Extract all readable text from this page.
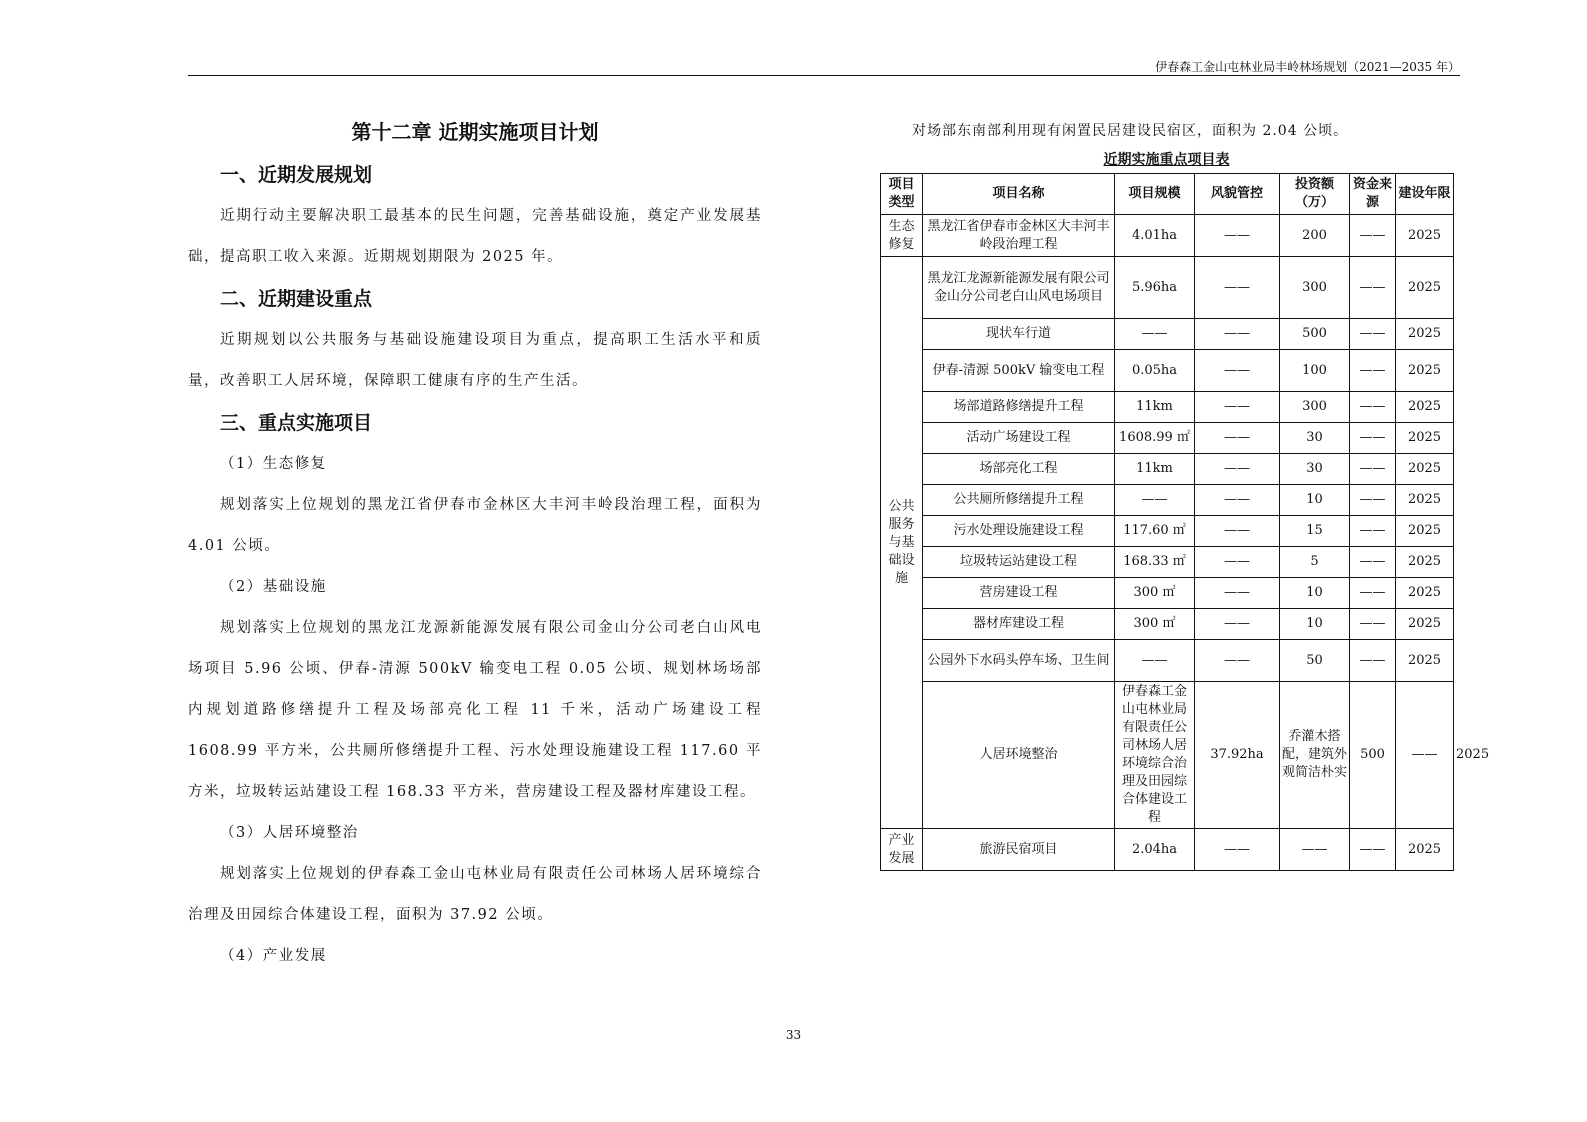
伊春森工金山屯林业局丰岭林场规划（2021—2035 年）
第十二章 近期实施项目计划
一、近期发展规划

近期行动主要解决职工最基本的民生问题，完善基础设施，奠定产业发展基础，提高职工收入来源。近期规划期限为 2025 年。

二、近期建设重点

近期规划以公共服务与基础设施建设项目为重点，提高职工生活水平和质量，改善职工人居环境，保障职工健康有序的生产生活。

三、重点实施项目
（1）生态修复

规划落实上位规划的黑龙江省伊春市金林区大丰河丰岭段治理工程，面积为 4.01 公顷。

（2）基础设施

规划落实上位规划的黑龙江龙源新能源发展有限公司金山分公司老白山风电场项目 5.96 公顷、伊春-清源 500kV 输变电工程 0.05 公顷、规划林场场部内规划道路修缮提升工程及场部亮化工程 11 千米，活动广场建设工程 1608.99 平方米，公共厕所修缮提升工程、污水处理设施建设工程 117.60 平方米，垃圾转运站建设工程 168.33 平方米，营房建设工程及器材库建设工程。

（3）人居环境整治

规划落实上位规划的伊春森工金山屯林业局有限责任公司林场人居环境综合治理及田园综合体建设工程，面积为 37.92 公顷。

（4）产业发展
对场部东南部利用现有闲置民居建设民宿区，面积为 2.04 公顷。
近期实施重点项目表
项目类型	项目名称	项目规模	风貌管控	投资额（万）	资金来源	建设年限	
生态修复	黑龙江省伊春市金林区大丰河丰岭段治理工程	4.01ha	——	200	——	2025	
公共服务与基础设施	黑龙江龙源新能源发展有限公司金山分公司老白山风电场项目	5.96ha	——	300	——	2025	
	现状车行道	——	——	500	——	2025	
	伊春-清源 500kV 输变电工程	0.05ha	——	100	——	2025	
	场部道路修缮提升工程	11km	——	300	——	2025	
	活动广场建设工程	1608.99 ㎡	——	30	——	2025	
	场部亮化工程	11km	——	30	——	2025	
	公共厕所修缮提升工程	——	——	10	——	2025	
	污水处理设施建设工程	117.60 ㎡	——	15	——	2025	
	垃圾转运站建设工程	168.33 ㎡	——	5	——	2025	
	营房建设工程	300 ㎡	——	10	——	2025	
	器材库建设工程	300 ㎡	——	10	——	2025	
	公园外下水码头停车场、卫生间	——	——	50	——	2025	
	人居环境整治	伊春森工金山屯林业局有限责任公司林场人居环境综合治理及田园综合体建设工程	37.92ha	乔灌木搭配，建筑外观简洁朴实	500	——	2025
产业发展	旅游民宿项目	2.04ha	——	——	——	2025	
33
